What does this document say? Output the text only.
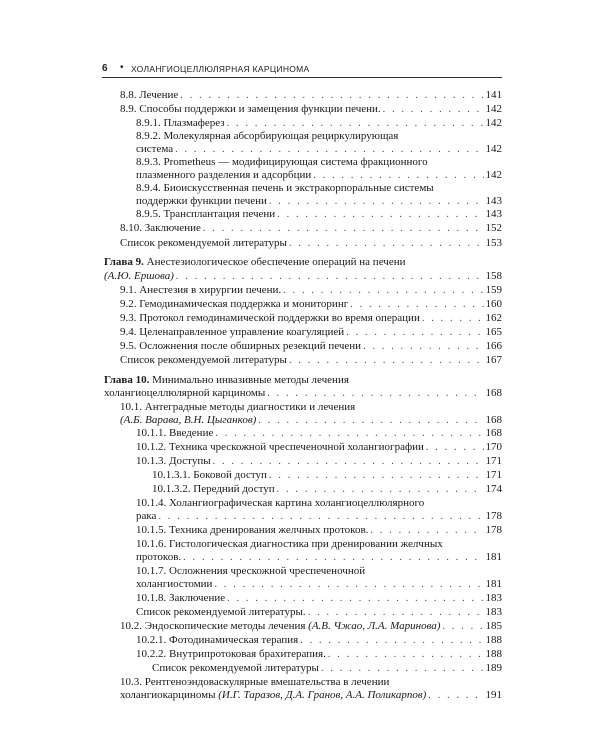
6 • ХОЛАНГИОЦЕЛЛЮЛЯРНАЯ КАРЦИНОМА
8.8. Лечение . . .	141
8.9. Способы поддержки и замещения функции печени. . . .	142
8.9.1. Плазмаферез . . .	142
8.9.2. Молекулярная абсорбирующая рециркулирующая
система . . .	142
8.9.3. Prometheus — модифицирующая система фракционного
плазменного разделения и адсорбции . . .	142
8.9.4. Биоискусственная печень и экстракорпоральные системы
поддержки функции печени . . .	143
8.9.5. Трансплантация печени . . .	143
8.10. Заключение . . .	152
Список рекомендуемой литературы . . .	153
Глава 9. Анестезиологическое обеспечение операций на печени
(А.Ю. Ершова) . . .	158
9.1. Анестезия в хирургии печени. . . .	159
9.2. Гемодинамическая поддержка и мониторинг . . .	160
9.3. Протокол гемодинамической поддержки во время операции . . .	162
9.4. Целенаправленное управление коагуляцией . . .	165
9.5. Осложнения после обширных резекций печени . . .	166
Список рекомендуемой литературы . . .	167
Глава 10. Минимально инвазивные методы лечения
холангиоцеллюлярной карциномы . . .	168
10.1. Антеградные методы диагностики и лечения
(А.Б. Варава, В.Н. Цыганков) . . .	168
10.1.1. Введение . . .	168
10.1.2. Техника чрескожной чреспеченочной холангиографии . . .	170
10.1.3. Доступы . . .	171
10.1.3.1. Боковой доступ . . .	171
10.1.3.2. Передний доступ . . .	174
10.1.4. Холангиографическая картина холангиоцеллюлярного
рака . . .	178
10.1.5. Техника дренирования желчных протоков. . . .	178
10.1.6. Гистологическая диагностика при дренировании желчных
протоков. . . .	181
10.1.7. Осложнения чрескожной чреспеченочной
холангиостомии . . .	181
10.1.8. Заключение . . .	183
Список рекомендуемой литературы. . . .	183
10.2. Эндоскопические методы лечения (А.В. Чжао, Л.А. Маринова) . . .	185
10.2.1. Фотодинамическая терапия . . .	188
10.2.2. Внутрипротоковая брахитерапия. . . .	188
Список рекомендуемой литературы . . .	189
10.3. Рентгеноэндоваскулярные вмешательства в лечении
холангиокарциномы (И.Г. Таразов, Д.А. Гранов, А.А. Поликарпов) . . .	191
